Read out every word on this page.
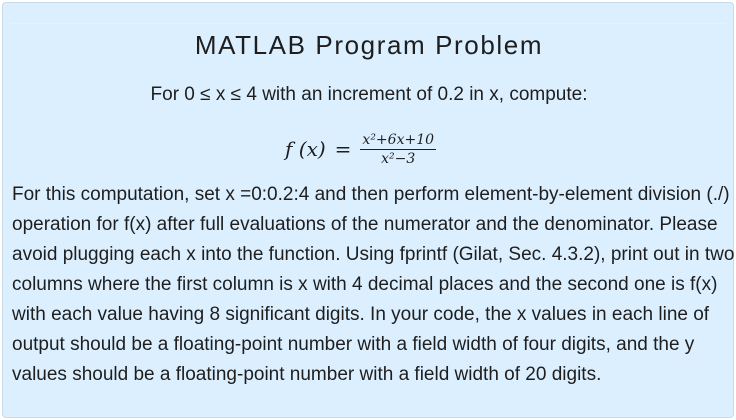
MATLAB Program Problem
For 0 ≤ x ≤ 4 with an increment of 0.2 in x, compute:
f $(x) = \frac{\text{x²+6x+10}}{\text{x²−3}}$

For this computation, set x =0:0.2:4 and then perform element-by-element division (./) operation for f(x) after full evaluations of the numerator and the denominator. Please avoid plugging each x into the function. Using fprintf (Gilat, Sec. 4.3.2), print out in two columns where the first column is x with 4 decimal places and the second one is f(x) with each value having 8 significant digits. In your code, the x values in each line of output should be a floating-point number with a field width of four digits, and the y values should be a floating-point number with a field width of 20 digits.
